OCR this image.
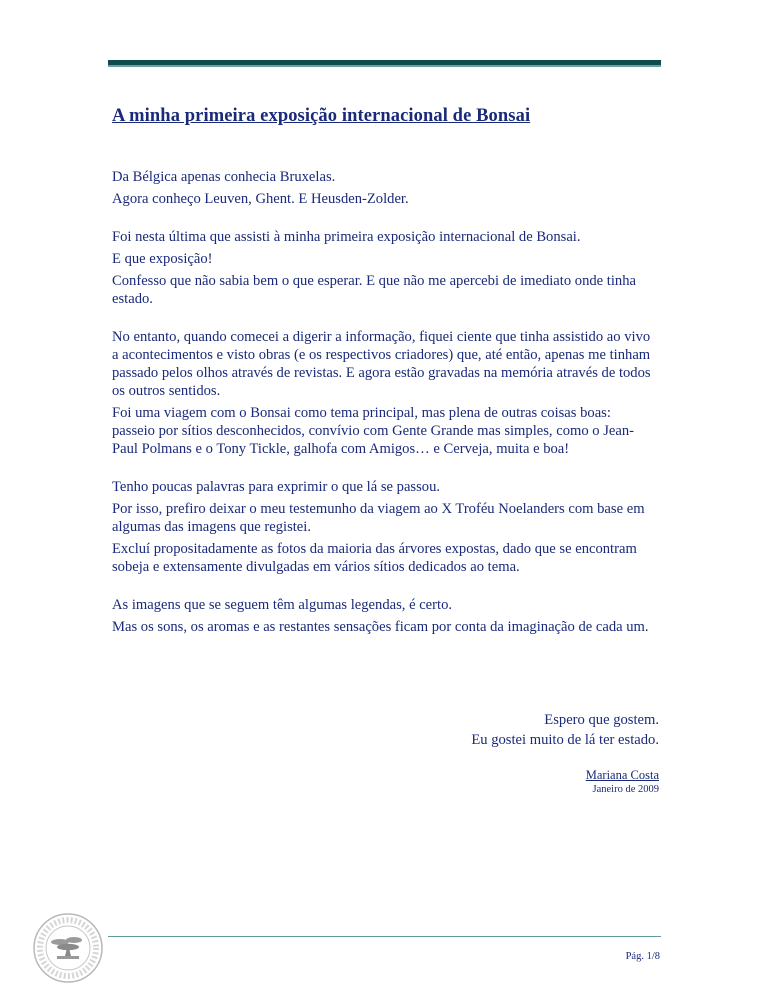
A minha primeira exposição internacional de Bonsai

Da Bélgica apenas conhecia Bruxelas.

Agora conheço Leuven, Ghent. E Heusden-Zolder.

Foi nesta última que assisti à minha primeira exposição internacional de Bonsai.

E que exposição!

Confesso que não sabia bem o que esperar. E que não me apercebi de imediato onde tinha estado.

No entanto, quando comecei a digerir a informação, fiquei ciente que tinha assistido ao vivo a acontecimentos e visto obras (e os respectivos criadores) que, até então, apenas me tinham passado pelos olhos através de revistas. E agora estão gravadas na memória através de todos os outros sentidos.

Foi uma viagem com o Bonsai como tema principal, mas plena de outras coisas boas: passeio por sítios desconhecidos, convívio com Gente Grande mas simples, como o Jean-Paul Polmans e o Tony Tickle, galhofa com Amigos… e Cerveja, muita e boa!

Tenho poucas palavras para exprimir o que lá se passou.

Por isso, prefiro deixar o meu testemunho da viagem ao X Troféu Noelanders com base em algumas das imagens que registei.

Excluí propositadamente as fotos da maioria das árvores expostas, dado que se encontram sobeja e extensamente divulgadas em vários sítios dedicados ao tema.

As imagens que se seguem têm algumas legendas, é certo.

Mas os sons, os aromas e as restantes sensações ficam por conta da imaginação de cada um.

Espero que gostem.

Eu gostei muito de lá ter estado.

Mariana Costa

Janeiro de 2009

Pág. 1/8
